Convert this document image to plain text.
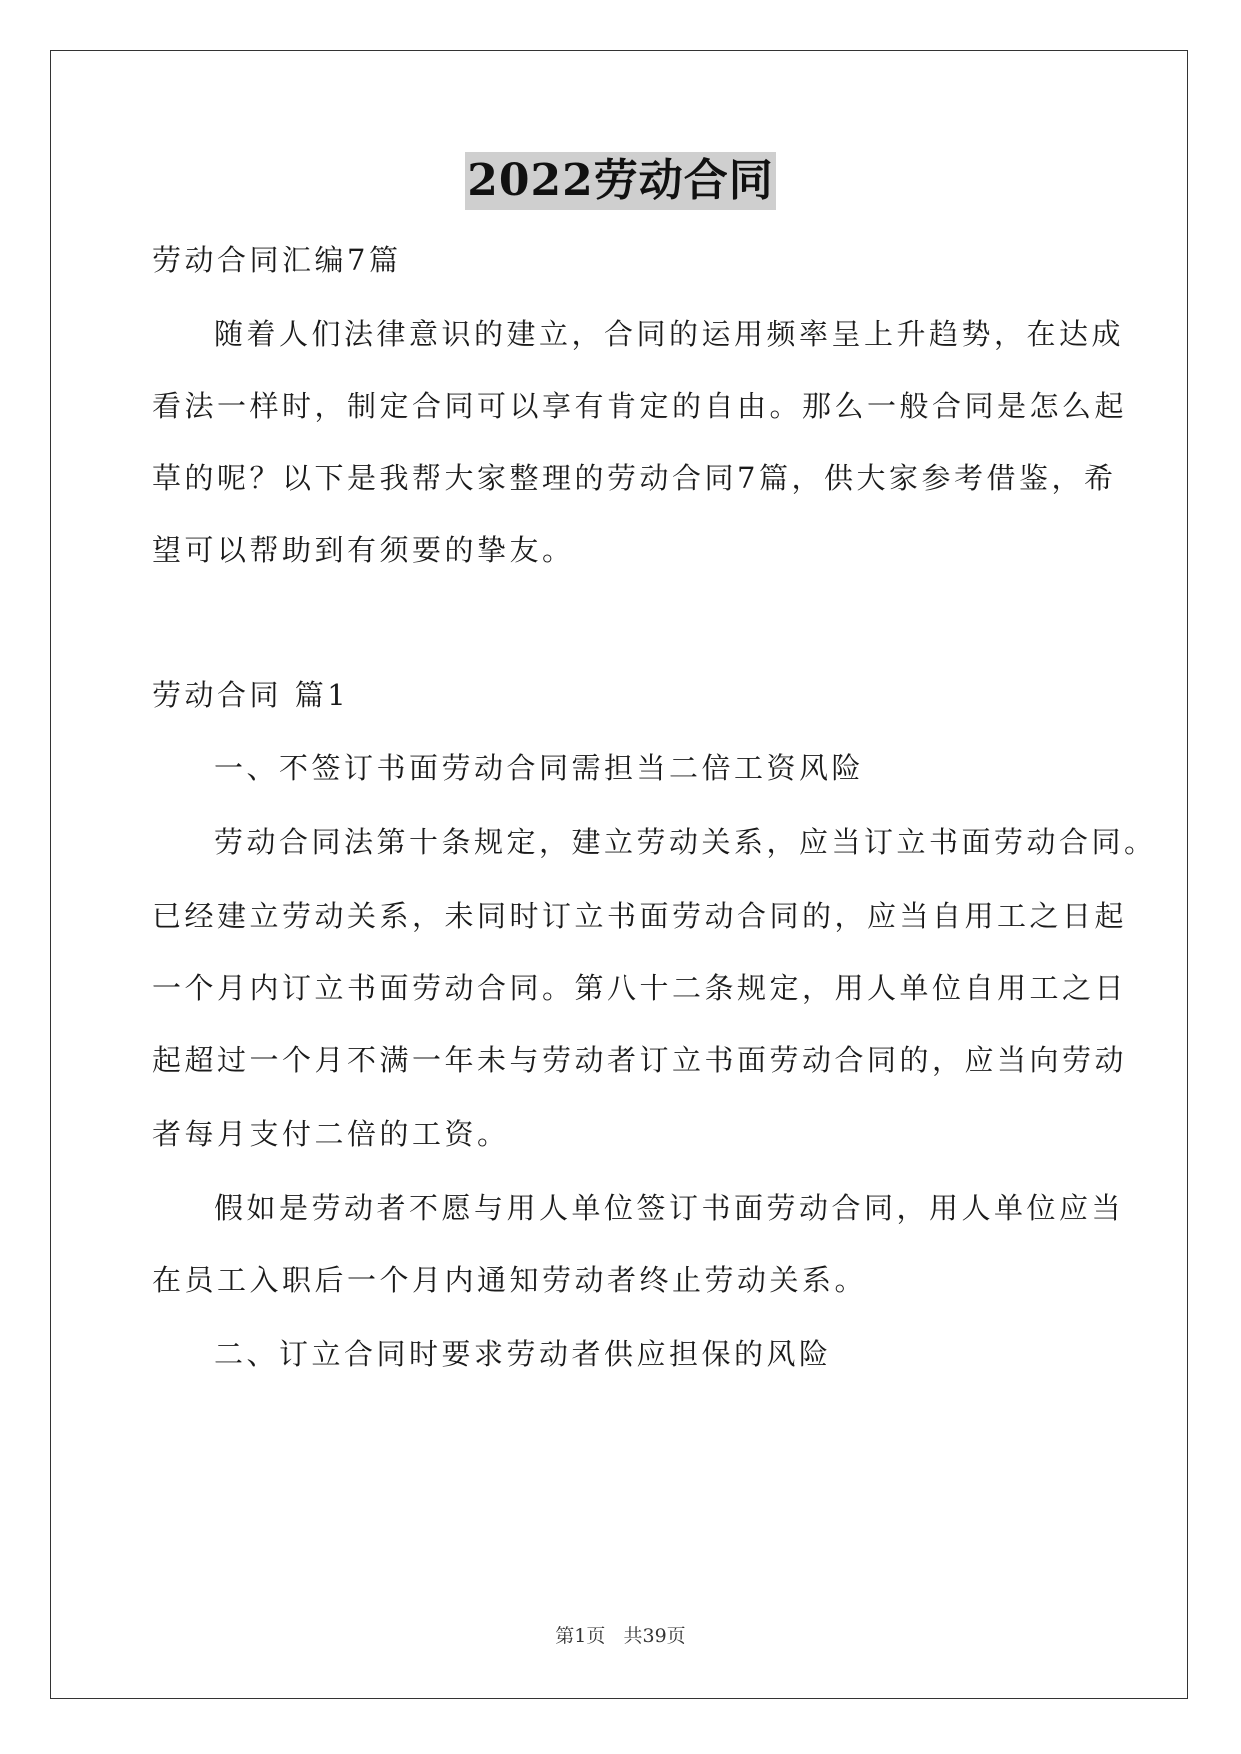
2022劳动合同
劳动合同汇编7篇
随着人们法律意识的建立，合同的运用频率呈上升趋势，在达成
看法一样时，制定合同可以享有肯定的自由。那么一般合同是怎么起
草的呢？以下是我帮大家整理的劳动合同7篇，供大家参考借鉴，希
望可以帮助到有须要的挚友。
劳动合同 篇1
一、不签订书面劳动合同需担当二倍工资风险
劳动合同法第十条规定，建立劳动关系，应当订立书面劳动合同。
已经建立劳动关系，未同时订立书面劳动合同的，应当自用工之日起
一个月内订立书面劳动合同。第八十二条规定，用人单位自用工之日
起超过一个月不满一年未与劳动者订立书面劳动合同的，应当向劳动
者每月支付二倍的工资。
假如是劳动者不愿与用人单位签订书面劳动合同，用人单位应当
在员工入职后一个月内通知劳动者终止劳动关系。
二、订立合同时要求劳动者供应担保的风险
第1页   共39页
